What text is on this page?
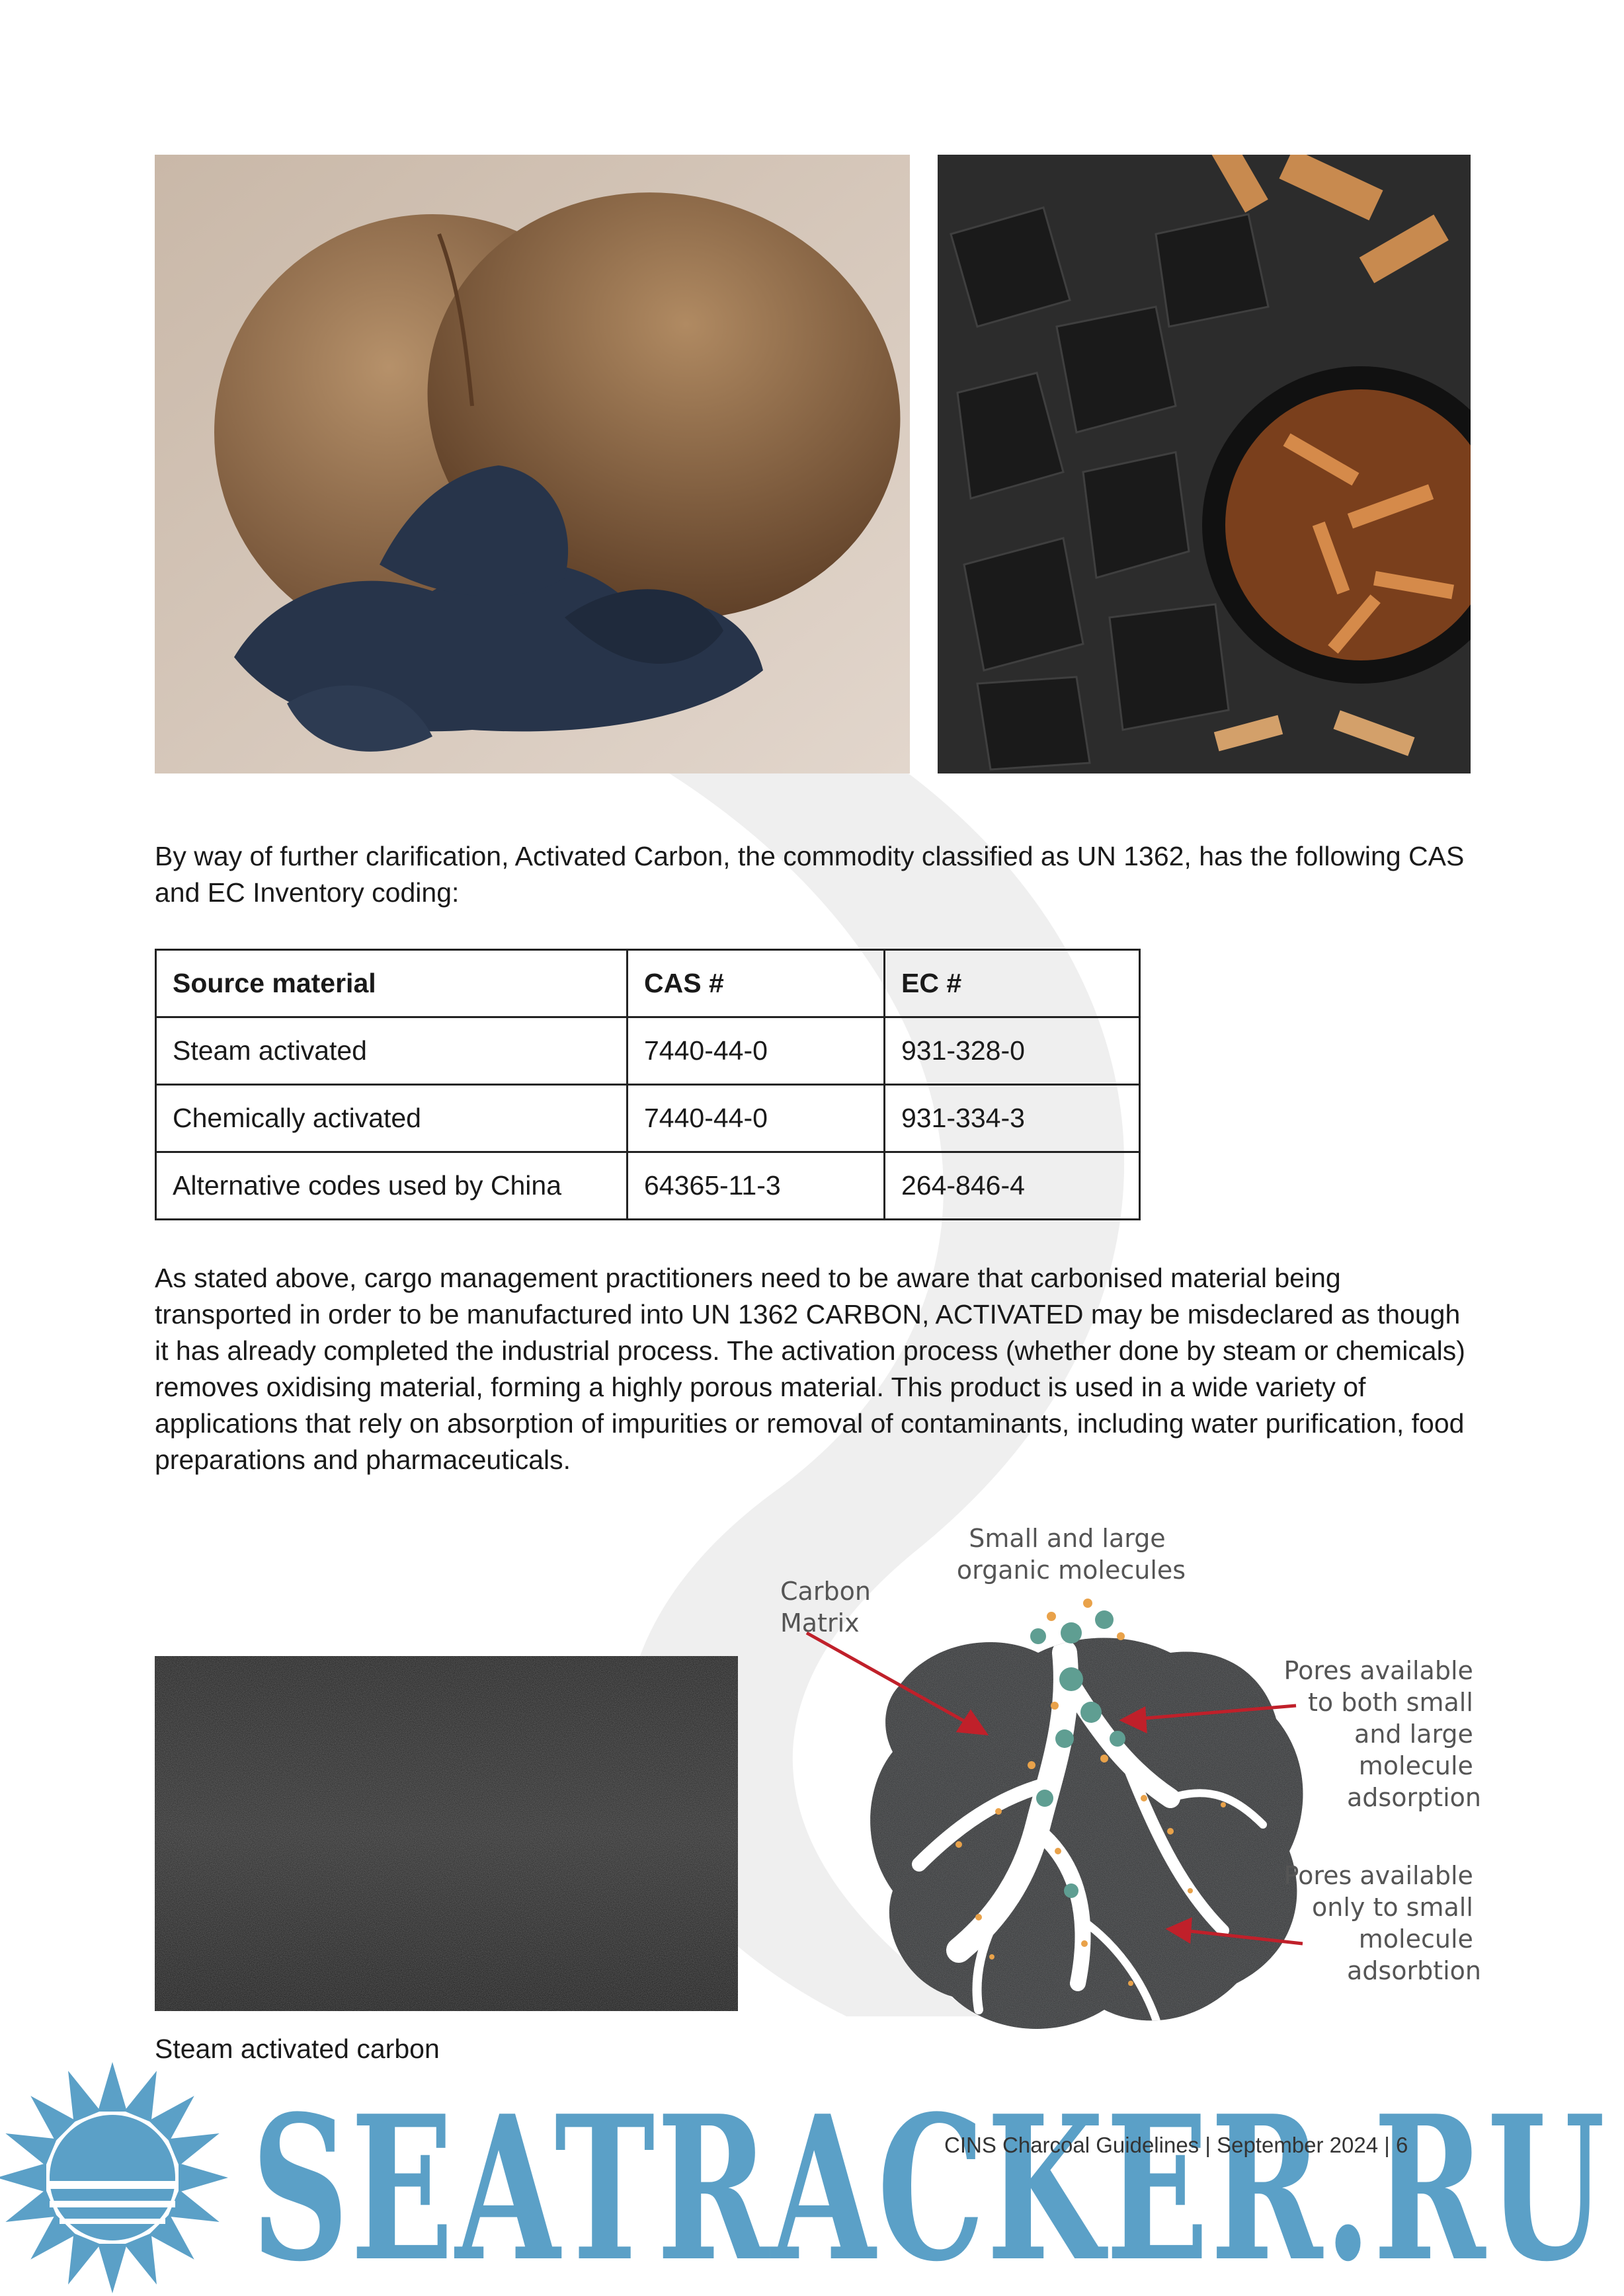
By way of further clarification, Activated Carbon, the commodity classified as UN 1362, has the following CAS and EC Inventory coding:

Source material	CAS #	EC #
Steam activated	7440-44-0	931-328-0
Chemically activated	7440-44-0	931-334-3
Alternative codes used by China	64365-11-3	264-846-4

As stated above, cargo management practitioners need to be aware that carbonised material being transported in order to be manufactured into UN 1362 CARBON, ACTIVATED may be misdeclared as though it has already completed the industrial process. The activation process (whether done by steam or chemicals) removes oxidising material, forming a highly porous material. This product is used in a wide variety of applications that rely on absorption of impurities or removal of contaminants, including water purification, food preparations and pharmaceuticals.

Steam activated carbon
Small and large organic molecules
Carbon Matrix
Pores available to both small and large molecule adsorption
Pores available only to small molecule adsorbtion
SEATRACKER.RU
CINS Charcoal Guidelines | September 2024 | 6
